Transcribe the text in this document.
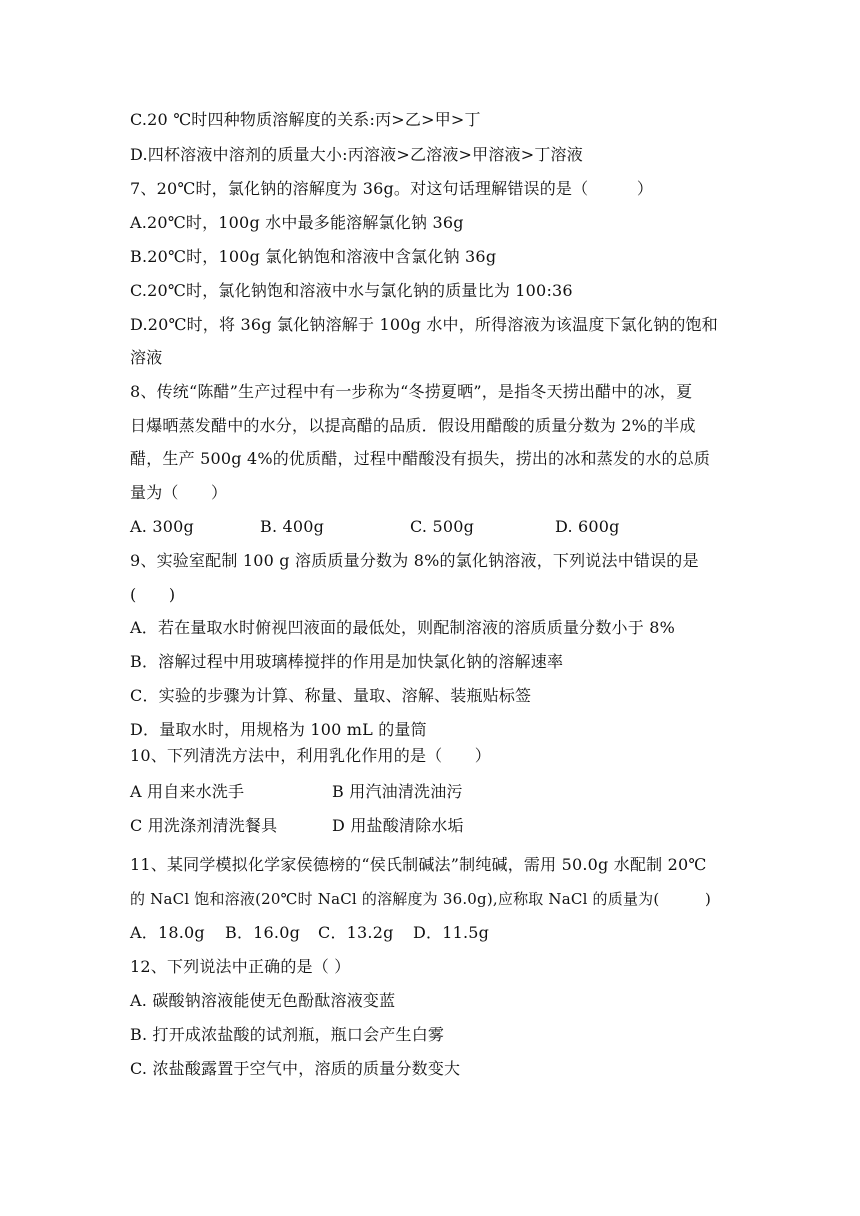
C.20 ℃时四种物质溶解度的关系:丙>乙>甲>丁

D.四杯溶液中溶剂的质量大小:丙溶液>乙溶液>甲溶液>丁溶液

7、20℃时，氯化钠的溶解度为 36g。对这句话理解错误的是（　　　）

A.20℃时，100g 水中最多能溶解氯化钠 36g

B.20℃时，100g 氯化钠饱和溶液中含氯化钠 36g

C.20℃时，氯化钠饱和溶液中水与氯化钠的质量比为 100:36

D.20℃时，将 36g 氯化钠溶解于 100g 水中，所得溶液为该温度下氯化钠的饱和

溶液

8、传统“陈醋”生产过程中有一步称为“冬捞夏晒”，是指冬天捞出醋中的冰，夏

日爆晒蒸发醋中的水分，以提高醋的品质．假设用醋酸的质量分数为 2%的半成

醋，生产 500g 4%的优质醋，过程中醋酸没有损失，捞出的冰和蒸发的水的总质

量为（　　）

A. 300g	B. 400g	C. 500g	D. 600g

9、实验室配制 100 g 溶质质量分数为 8%的氯化钠溶液，下列说法中错误的是

(　　)

A．若在量取水时俯视凹液面的最低处，则配制溶液的溶质质量分数小于 8%

B．溶解过程中用玻璃棒搅拌的作用是加快氯化钠的溶解速率

C．实验的步骤为计算、称量、量取、溶解、装瓶贴标签

D．量取水时，用规格为 100 mL 的量筒

10、下列清洗方法中，利用乳化作用的是（　　）

A 用自来水洗手	B 用汽油清洗油污
C 用洗涤剂清洗餐具	D 用盐酸清除水垢

11、某同学模拟化学家侯德榜的“侯氏制碱法”制纯碱，需用 50.0g 水配制 20℃

的 NaCl 饱和溶液(20℃时 NaCl 的溶解度为 36.0g),应称取 NaCl 的质量为(　　　)

A．18.0g B．16.0g C．13.2g D．11.5g

12、下列说法中正确的是（ ）

A. 碳酸钠溶液能使无色酚酞溶液变蓝

B. 打开成浓盐酸的试剂瓶，瓶口会产生白雾

C. 浓盐酸露置于空气中，溶质的质量分数变大
